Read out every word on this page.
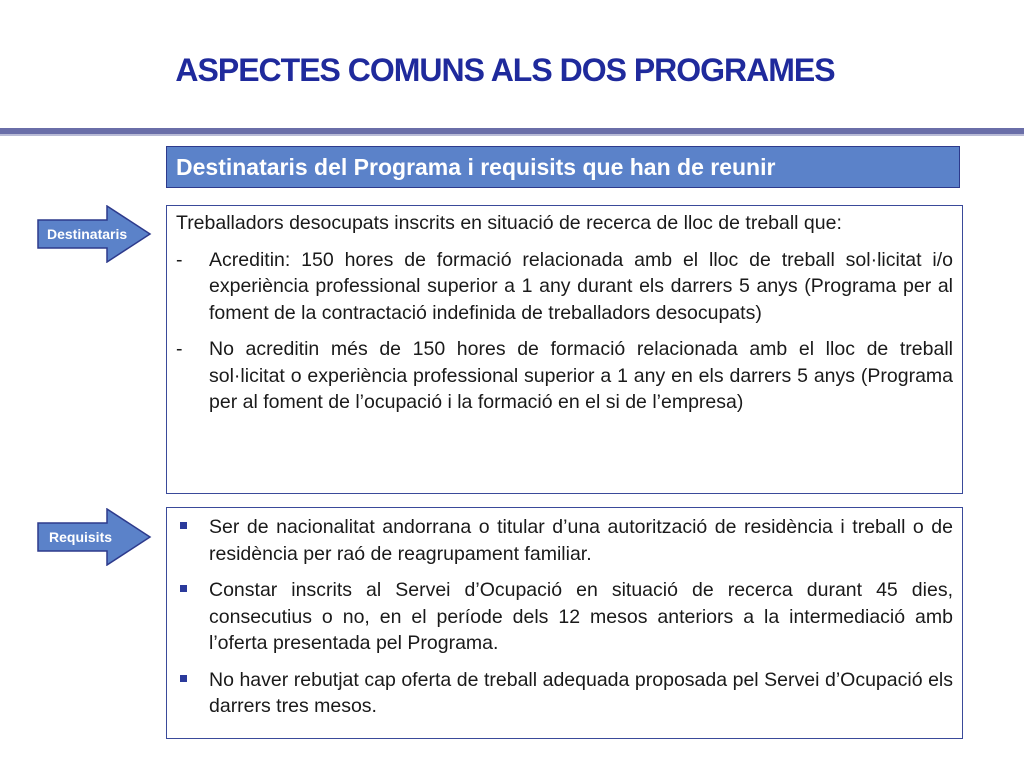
ASPECTES COMUNS ALS DOS PROGRAMES
Destinataris del Programa i requisits que han de reunir
Destinataris
Requisits

Treballadors desocupats inscrits en situació de recerca de lloc de treball que:

- Acreditin: 150 hores de formació relacionada amb el lloc de treball sol·licitat i/o experiència professional superior a 1 any durant els darrers 5 anys (Programa per al foment de la contractació indefinida de treballadors desocupats)
- No acreditin més de 150 hores de formació relacionada amb el lloc de treball sol·licitat o experiència professional superior a 1 any en els darrers 5 anys (Programa per al foment de l’ocupació i la formació en el si de l’empresa)
Ser de nacionalitat andorrana o titular d’una autorització de residència i treball o de residència per raó de reagrupament familiar.
Constar inscrits al Servei d’Ocupació en situació de recerca durant 45 dies, consecutius o no, en el període dels 12 mesos anteriors a la intermediació amb l’oferta presentada pel Programa.
No haver rebutjat cap oferta de treball adequada proposada pel Servei d’Ocupació els darrers tres mesos.
